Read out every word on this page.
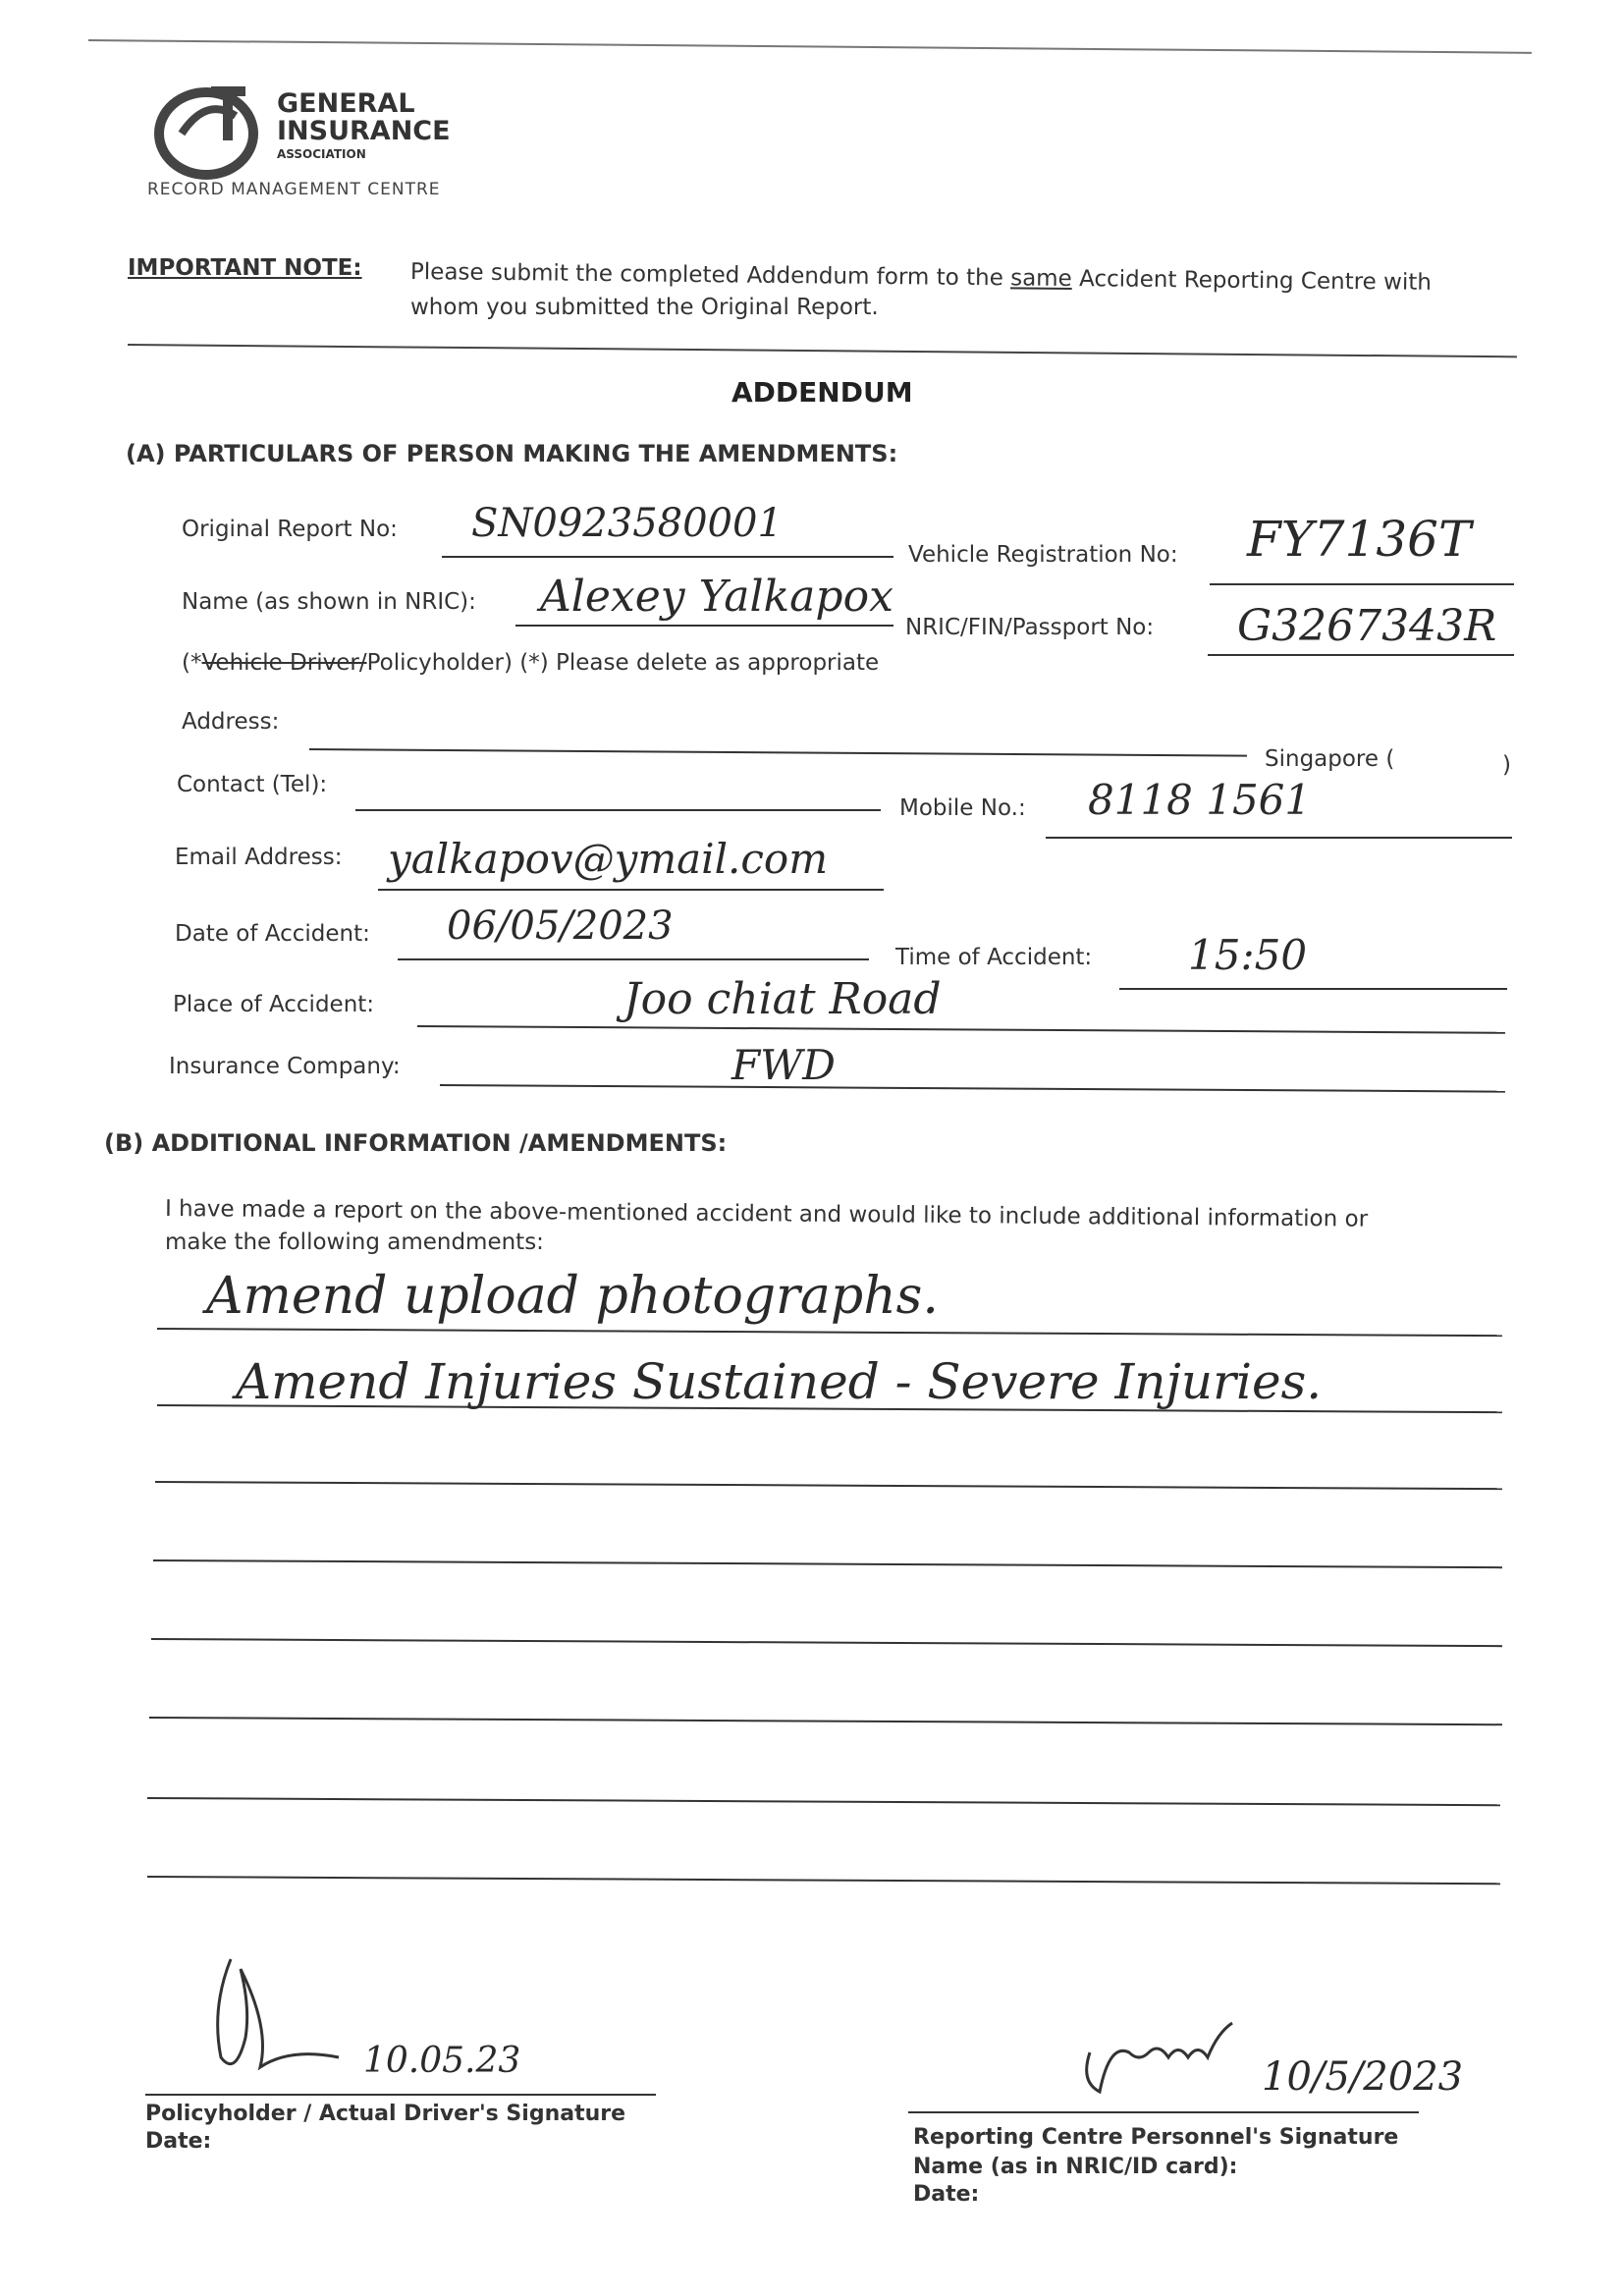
GENERAL
INSURANCE
ASSOCIATION
RECORD MANAGEMENT CENTRE
IMPORTANT NOTE: Please submit the completed Addendum form to the same Accident Reporting Centre with
whom you submitted the Original Report.
ADDENDUM
(A) PARTICULARS OF PERSON MAKING THE AMENDMENTS:
Original Report No: SN0923580001
Vehicle Registration No: FY7136T
Name (as shown in NRIC): Alexey Yalkapox
NRIC/FIN/Passport No: G3267343R
(*Vehicle Driver/Policyholder) (*) Please delete as appropriate
Address:
Singapore (	)
Contact (Tel):
Mobile No.: 8118 1561
Email Address: yalkapov@ymail.com
Date of Accident: 06/05/2023
Time of Accident: 15:50
Place of Accident:	Joo chiat Road
Insurance Company:	FWD
(B) ADDITIONAL INFORMATION /AMENDMENTS:
I have made a report on the above-mentioned accident and would like to include additional information or
make the following amendments:
Amend upload photographs.
Amend Injuries Sustained - Severe Injuries.
10.05.23
Policyholder / Actual Driver's Signature
Date:
10/5/2023
Reporting Centre Personnel's Signature
Name (as in NRIC/ID card):
Date:
